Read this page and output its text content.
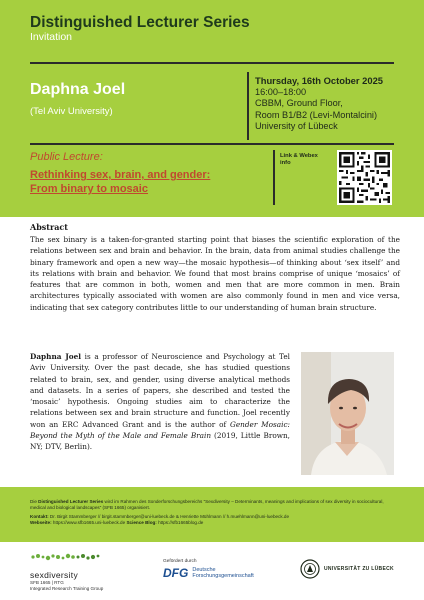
Distinguished Lecturer Series
Invitation
Daphna Joel
(Tel Aviv University)
Thursday, 16th October 2025
16:00–18:00
CBBM, Ground Floor,
Room B1/B2 (Levi-Montalcini)
University of Lübeck
Public Lecture:
Rethinking sex, brain, and gender:
From binary to mosaic
Link & Webex
info
Abstract
The sex binary is a taken-for-granted starting point that biases the scientific exploration of the relations between sex and brain and behavior. In the brain, data from animal studies challenge the binary framework and open a new way—the mosaic hypothesis—of thinking about ‘sex itself’ and its relations with brain and behavior. We found that most brains comprise of unique ‘mosaics’ of features that are common in both, women and men that are more common in men. Brain architectures typically associated with women are also commonly found in men and vice versa, indicating that sex category contributes little to our understanding of human brain structure.
Daphna Joel is a professor of Neuroscience and Psychology at Tel Aviv University. Over the past decade, she has studied questions related to brain, sex, and gender, using diverse analytical methods and datasets. In a series of papers, she described and tested the ‘mosaic’ hypothesis. Ongoing studies aim to characterize the relations between sex and brain structure and function. Joel recently won an ERC Advanced Grant and is the author of Gender Mosaic: Beyond the Myth of the Male and Female Brain (2019, Little Brown, NY; DTV, Berlin).
Die Distinguished Lecturer Series wird im Rahmen des Sonderforschungsbereichs “Sexdiversity – Determinants, meanings and implications of sex diversity in sociocultural, medical and biological landscapes” (SFB 1665) organisiert.
Kontakt: Dr. Birgit Stammberger // birgit.stammberger@uni-luebeck.de & Henriette Mühlmann // h.muehlmann@uni-luebeck.de
Webseite: https://www.sfb1665.uni-luebeck.de Science Blog: https://sfb1665blog.de
sexdiversity
SFB 1665 | RTG
Integrated Research Training Group
Gefördert durch
DFG Deutsche
Forschungsgemeinschaft
UNIVERSITÄT ZU LÜBECK
